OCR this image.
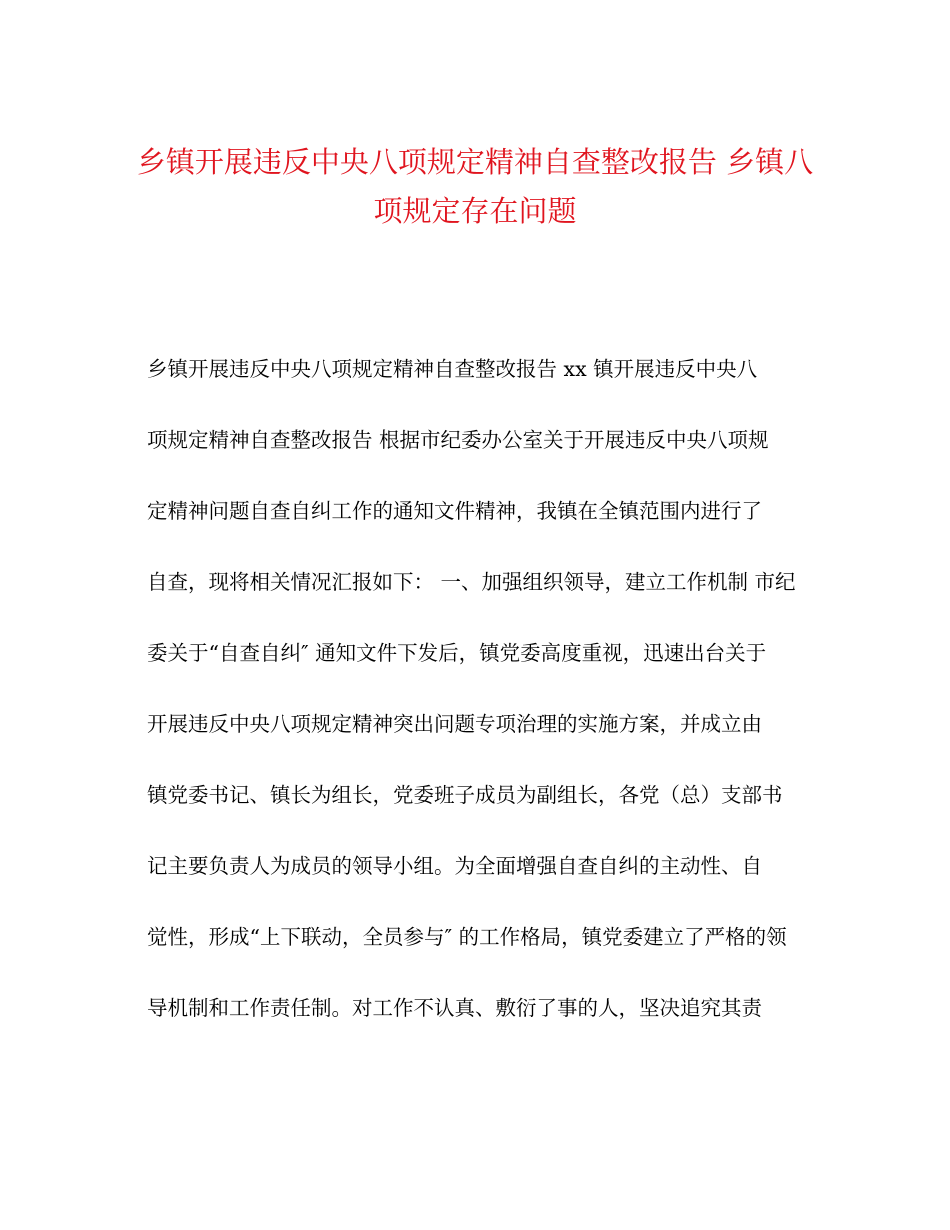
乡镇开展违反中央八项规定精神自查整改报告 乡镇八
项规定存在问题
乡镇开展违反中央八项规定精神自查整改报告 xx 镇开展违反中央八
项规定精神自查整改报告 根据市纪委办公室关于开展违反中央八项规
定精神问题自查自纠工作的通知文件精神，我镇在全镇范围内进行了
自查，现将相关情况汇报如下： 一、加强组织领导，建立工作机制 市纪
委关于“自查自纠″ 通知文件下发后，镇党委高度重视，迅速出台关于
开展违反中央八项规定精神突出问题专项治理的实施方案，并成立由
镇党委书记、镇长为组长，党委班子成员为副组长，各党（总）支部书
记主要负责人为成员的领导小组。为全面增强自查自纠的主动性、自
觉性，形成“上下联动，全员参与″ 的工作格局，镇党委建立了严格的领
导机制和工作责任制。对工作不认真、敷衍了事的人，坚决追究其责
